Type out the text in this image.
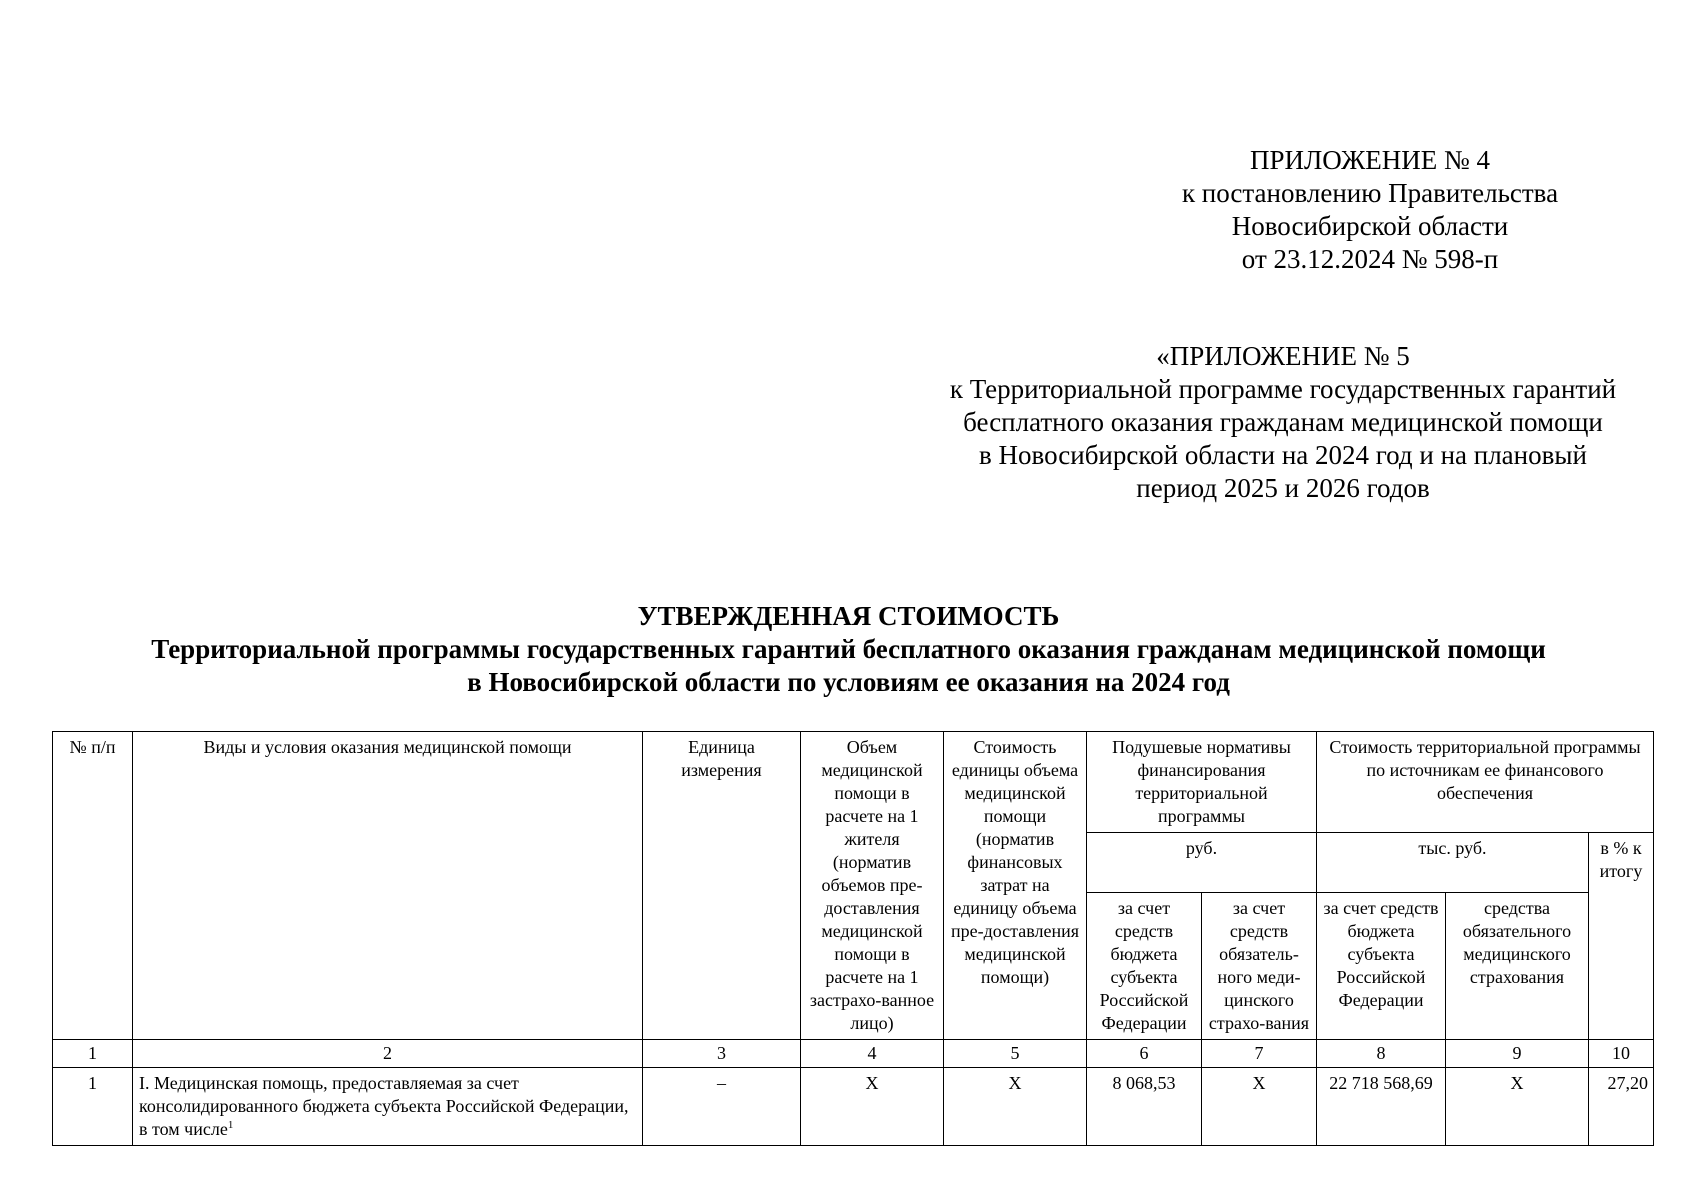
ПРИЛОЖЕНИЕ № 4
к постановлению Правительства
Новосибирской области
от 23.12.2024 № 598-п
«ПРИЛОЖЕНИЕ № 5
к Территориальной программе государственных гарантий
бесплатного оказания гражданам медицинской помощи
в Новосибирской области на 2024 год и на плановый
период 2025 и 2026 годов
УТВЕРЖДЕННАЯ СТОИМОСТЬ
Территориальной программы государственных гарантий бесплатного оказания гражданам медицинской помощи
в Новосибирской области по условиям ее оказания на 2024 год
№ п/п	Виды и условия оказания медицинской помощи	Единица измерения	Объем медицинской помощи в расчете на 1 жителя (норматив объемов пре-доставления медицинской помощи в расчете на 1 застрахо-ванное лицо)	Стоимость единицы объема медицинской помощи (норматив финансовых затрат на единицу объема пре-доставления медицинской помощи)	Подушевые нормативы финансирования территориальной программы		Стоимость территориальной программы по источникам ее финансового обеспечения		
					руб.		тыс. руб.		в % к итогу
					за счет средств бюджета субъекта Российской Федерации	за счет средств обязатель-ного меди-цинского страхо-вания	за счет средств бюджета субъекта Российской Федерации	средства обязательного медицинского страхования	
1	2	3	4	5	6	7	8	9	10
1	I. Медицинская помощь, предоставляемая за счет консолидированного бюджета субъекта Российской Федерации, в том числе$^1$	–	Х	Х	8 068,53	Х	22 718 568,69	Х	27,20
